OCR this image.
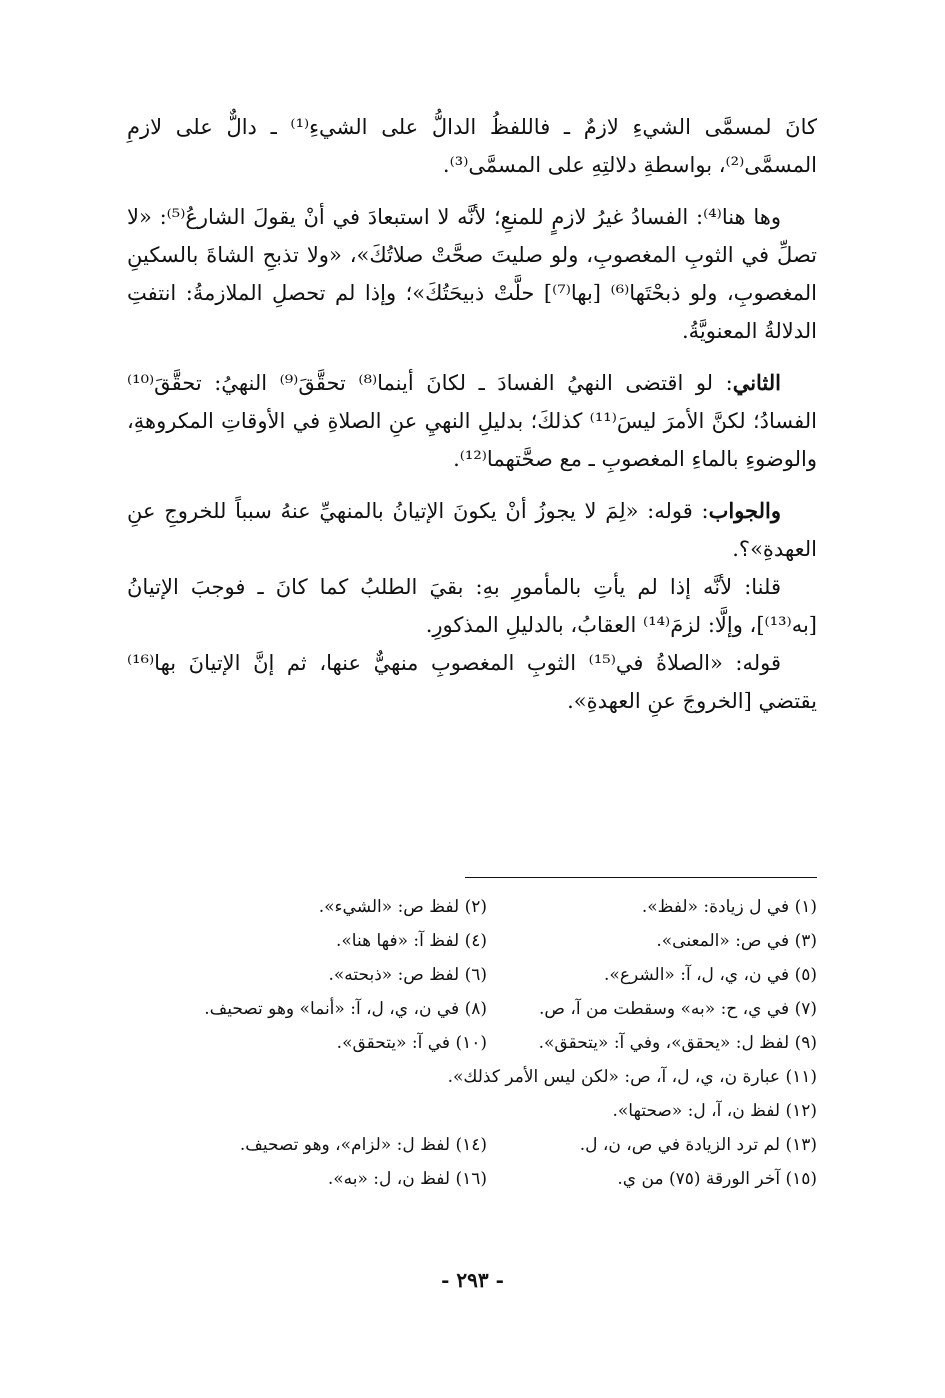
كانَ لمسمَّى الشيءِ لازمٌ ـ فاللفظُ الدالُّ على الشيءِ⁽¹⁾ ـ دالٌّ على لازمِ المسمَّى⁽²⁾، بواسطةِ دلالتِهِ على المسمَّى⁽³⁾.

وها هنا⁽⁴⁾: الفسادُ غيرُ لازمٍ للمنعِ؛ لأنَّه لا استبعادَ في أنْ يقولَ الشارعُ⁽⁵⁾: «لا تصلِّ في الثوبِ المغصوبِ، ولو صليتَ صحَّتْ صلاتُكَ»، «ولا تذبحِ الشاةَ بالسكينِ المغصوبِ، ولو ذبحْتَها⁽⁶⁾ [بها⁽⁷⁾] حلَّتْ ذبيحَتُكَ»؛ وإذا لم تحصلِ الملازمةُ: انتفتِ الدلالةُ المعنويَّةُ.

الثاني: لو اقتضى النهيُ الفسادَ ـ لكانَ أينما⁽⁸⁾ تحقَّقَ⁽⁹⁾ النهيُ: تحقَّقَ⁽¹⁰⁾ الفسادُ؛ لكنَّ الأمرَ ليسَ⁽¹¹⁾ كذلكَ؛ بدليلِ النهيِ عنِ الصلاةِ في الأوقاتِ المكروهةِ، والوضوءِ بالماءِ المغصوبِ ـ مع صحَّتهما⁽¹²⁾.

والجواب: قوله: «لِمَ لا يجوزُ أنْ يكونَ الإتيانُ بالمنهيِّ عنهُ سبباً للخروجِ عنِ العهدةِ»؟.

قلنا: لأنَّه إذا لم يأتِ بالمأمورِ بهِ: بقيَ الطلبُ كما كانَ ـ فوجبَ الإتيانُ [به⁽¹³⁾]، وإلَّا: لزمَ⁽¹⁴⁾ العقابُ، بالدليلِ المذكورِ.

قوله: «الصلاةُ في⁽¹⁵⁾ الثوبِ المغصوبِ منهيٌّ عنها، ثم إنَّ الإتيانَ بها⁽¹⁶⁾ يقتضي [الخروجَ عنِ العهدةِ».

(١) في ل زيادة: «لفظ».
(٢) لفظ ص: «الشيء».
(٣) في ص: «المعنى».
(٤) لفظ آ: «فها هنا».
(٥) في ن، ي، ل، آ: «الشرع».
(٦) لفظ ص: «ذبحته».
(٧) في ي، ح: «به» وسقطت من آ، ص.
(٨) في ن، ي، ل، آ: «أنما» وهو تصحيف.
(٩) لفظ ل: «يحقق»، وفي آ: «يتحقق».
(١٠) في آ: «يتحقق».
(١١) عبارة ن، ي، ل، آ، ص: «لكن ليس الأمر كذلك».
(١٢) لفظ ن، آ، ل: «صحتها».
(١٣) لم ترد الزيادة في ص، ن، ل.
(١٤) لفظ ل: «لزام»، وهو تصحيف.
(١٥) آخر الورقة (٧٥) من ي.
(١٦) لفظ ن، ل: «به».
- ٢٩٣ -
